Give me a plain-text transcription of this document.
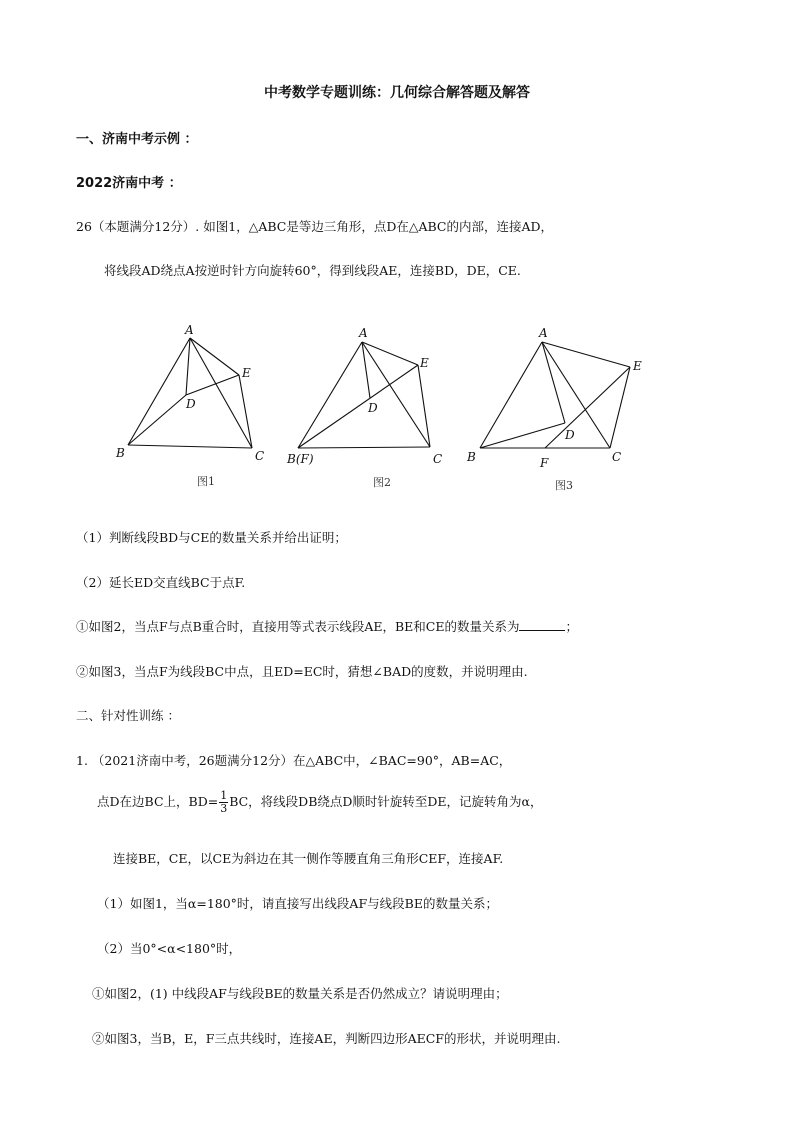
中考数学专题训练：几何综合解答题及解答
一、济南中考示例 ：
2022济南中考 ：
26（本题满分12分）. 如图1，△ABC是等边三角形，点D在△ABC的内部，连接AD，
将线段AD绕点A按逆时针方向旋转60°，得到线段AE，连接BD，DE，CE.
A
B	C
D
E
图1
A
B(F)	C
D
E
图2
A
B	C
D
E
F
图3
（1）判断线段BD与CE的数量关系并给出证明；
（2）延长ED交直线BC于点F.
①如图2，当点F与点B重合时，直接用等式表示线段AE，BE和CE的数量关系为	；
②如图3，当点F为线段BC中点，且ED=EC时，猜想∠BAD的度数，并说明理由.
二、针对性训练 ：
1. （2021济南中考，26题满分12分）在△ABC中，∠BAC=90°，AB=AC，
点D在边BC上，$BD= \frac{1}{3}$ BC，将线段DB绕点D顺时针旋转至DE，记旋转角为α，
连接BE，CE，以CE为斜边在其一侧作等腰直角三角形CEF，连接AF.
（1）如图1，当α=180°时，请直接写出线段AF与线段BE的数量关系；
（2）当0°<α<180°时，
①如图2，(1) 中线段AF与线段BE的数量关系是否仍然成立？请说明理由；
②如图3，当B，E，F三点共线时，连接AE，判断四边形AECF的形状，并说明理由.
